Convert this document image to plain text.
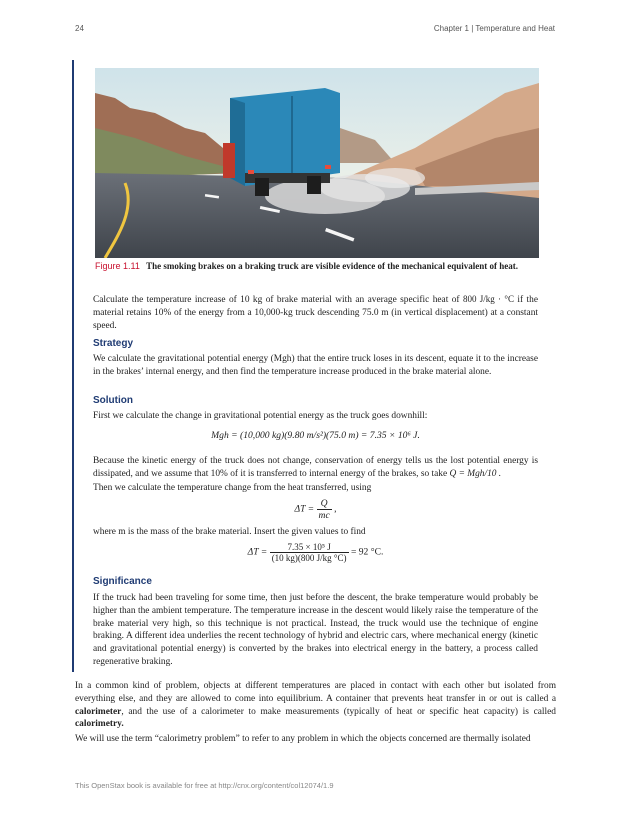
24	Chapter 1 | Temperature and Heat
Figure 1.11 The smoking brakes on a braking truck are visible evidence of the mechanical equivalent of heat.
Calculate the temperature increase of 10 kg of brake material with an average specific heat of 800 J/kg · °C if the material retains 10% of the energy from a 10,000-kg truck descending 75.0 m (in vertical displacement) at a constant speed.
Strategy
We calculate the gravitational potential energy (Mgh) that the entire truck loses in its descent, equate it to the increase in the brakes’ internal energy, and then find the temperature increase produced in the brake material alone.
Solution
First we calculate the change in gravitational potential energy as the truck goes downhill:
Mgh = (10,000 kg)(9.80 m/s²)(75.0 m) = 7.35 × 10⁶ J.
Because the kinetic energy of the truck does not change, conservation of energy tells us the lost potential energy is dissipated, and we assume that 10% of it is transferred to internal energy of the brakes, so take Q = Mgh/10 .
Then we calculate the temperature change from the heat transferred, using
$\Delta T = \frac{Q}{mc}$ ,
where m is the mass of the brake material. Insert the given values to find
$\Delta T = \frac{\text{7.35 × 10⁵ J}}{(10 kg)(800 J/kg ^\circ C)} = 92$ °C.
Significance
If the truck had been traveling for some time, then just before the descent, the brake temperature would probably be higher than the ambient temperature. The temperature increase in the descent would likely raise the temperature of the brake material very high, so this technique is not practical. Instead, the truck would use the technique of engine braking. A different idea underlies the recent technology of hybrid and electric cars, where mechanical energy (kinetic and gravitational potential energy) is converted by the brakes into electrical energy in the battery, a process called regenerative braking.
In a common kind of problem, objects at different temperatures are placed in contact with each other but isolated from everything else, and they are allowed to come into equilibrium. A container that prevents heat transfer in or out is called a calorimeter, and the use of a calorimeter to make measurements (typically of heat or specific heat capacity) is called calorimetry.
We will use the term “calorimetry problem” to refer to any problem in which the objects concerned are thermally isolated
This OpenStax book is available for free at http://cnx.org/content/col12074/1.9
